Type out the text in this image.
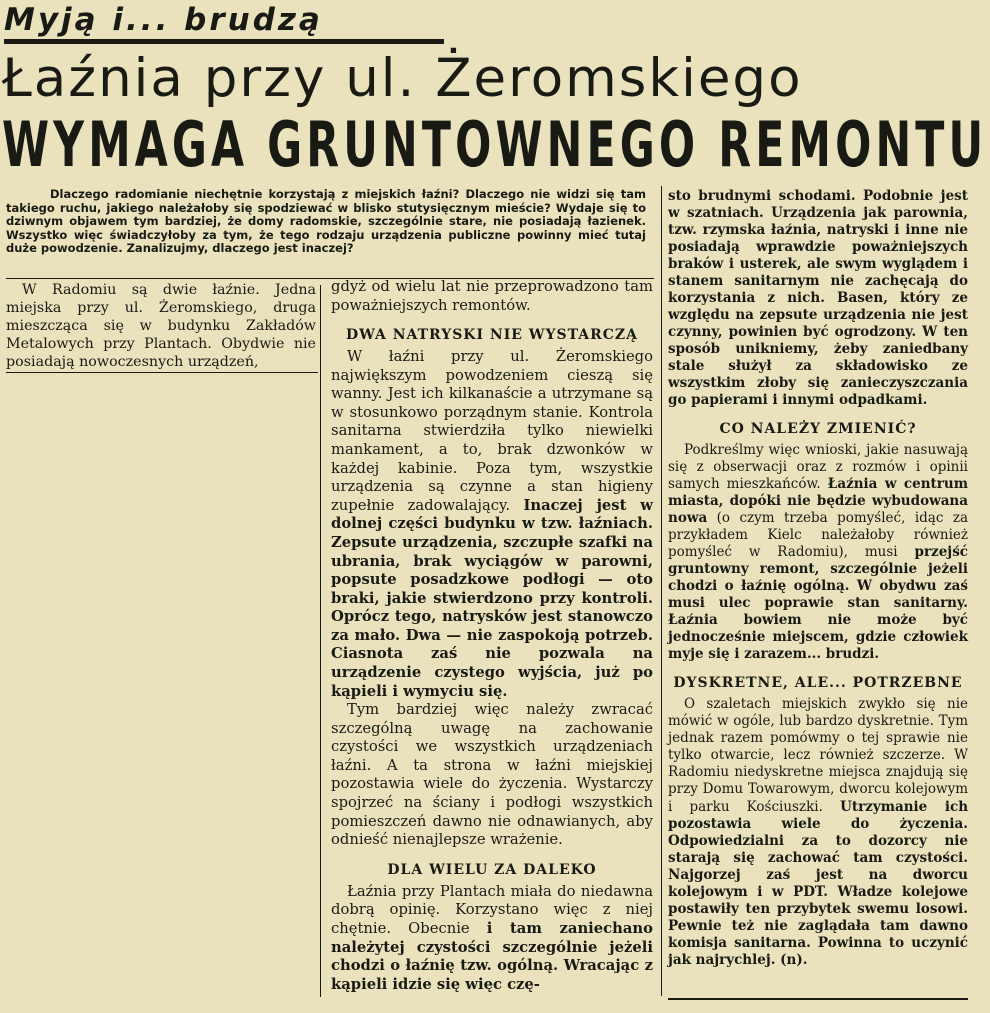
Myją i... brudzą
Łaźnia przy ul. Żeromskiego
WYMAGA GRUNTOWNEGO REMONTU
Dlaczego radomianie niechętnie korzystają z miejskich łaźni? Dlaczego nie widzi się tam takiego ruchu, jakiego należałoby się spodziewać w blisko stutysięcznym mieście? Wydaje się to dziwnym objawem tym bardziej, że domy radomskie, szczególnie stare, nie posiadają łazienek. Wszystko więc świadczyłoby za tym, że tego rodzaju urządzenia publiczne powinny mieć tutaj duże powodzenie. Zanalizujmy, dlaczego jest inaczej?

W Radomiu są dwie łaźnie. Jedna miejska przy ul. Żeromskiego, druga mieszcząca się w budynku Zakładów Metalowych przy Plantach. Obydwie nie posiadają nowoczesnych urządzeń,

gdyż od wielu lat nie przeprowadzono tam poważniejszych remontów.

DWA NATRYSKI NIE WYSTARCZĄ

W łaźni przy ul. Żeromskiego największym powodzeniem cieszą się wanny. Jest ich kilkanaście a utrzymane są w stosunkowo porządnym stanie. Kontrola sanitarna stwierdziła tylko niewielki mankament, a to, brak dzwonków w każdej kabinie. Poza tym, wszystkie urządzenia są czynne a stan higieny zupełnie zadowalający. Inaczej jest w dolnej części budynku w tzw. łaźniach. Zepsute urządzenia, szczupłe szafki na ubrania, brak wyciągów w parowni, popsute posadzkowe podłogi — oto braki, jakie stwierdzono przy kontroli. Oprócz tego, natrysków jest stanowczo za mało. Dwa — nie zaspokoją potrzeb. Ciasnota zaś nie pozwala na urządzenie czystego wyjścia, już po kąpieli i wymyciu się.

Tym bardziej więc należy zwracać szczególną uwagę na zachowanie czystości we wszystkich urządzeniach łaźni. A ta strona w łaźni miejskiej pozostawia wiele do życzenia. Wystarczy spojrzeć na ściany i podłogi wszystkich pomieszczeń dawno nie odnawianych, aby odnieść nienajlepsze wrażenie.

DLA WIELU ZA DALEKO

Łaźnia przy Plantach miała do niedawna dobrą opinię. Korzystano więc z niej chętnie. Obecnie i tam zaniechano należytej czystości szczególnie jeżeli chodzi o łaźnię tzw. ogólną. Wracając z kąpieli idzie się więc czę-

sto brudnymi schodami. Podobnie jest w szatniach. Urządzenia jak parownia, tzw. rzymska łaźnia, natryski i inne nie posiadają wprawdzie poważniejszych braków i usterek, ale swym wyglądem i stanem sanitarnym nie zachęcają do korzystania z nich. Basen, który ze względu na zepsute urządzenia nie jest czynny, powinien być ogrodzony. W ten sposób unikniemy, żeby zaniedbany stale służył za składowisko ze wszystkim złoby się zanieczyszczania go papierami i innymi odpadkami.

CO NALEŻY ZMIENIĆ?

Podkreślmy więc wnioski, jakie nasuwają się z obserwacji oraz z rozmów i opinii samych mieszkańców. Łaźnia w centrum miasta, dopóki nie będzie wybudowana nowa (o czym trzeba pomyśleć, idąc za przykładem Kielc należałoby również pomyśleć w Radomiu), musi przejść gruntowny remont, szczególnie jeżeli chodzi o łaźnię ogólną. W obydwu zaś musi ulec poprawie stan sanitarny. Łaźnia bowiem nie może być jednocześnie miejscem, gdzie człowiek myje się i zarazem... brudzi.

DYSKRETNE, ALE... POTRZEBNE

O szaletach miejskich zwykło się nie mówić w ogóle, lub bardzo dyskretnie. Tym jednak razem pomówmy o tej sprawie nie tylko otwarcie, lecz również szczerze. W Radomiu niedyskretne miejsca znajdują się przy Domu Towarowym, dworcu kolejowym i parku Kościuszki. Utrzymanie ich pozostawia wiele do życzenia. Odpowiedzialni za to dozorcy nie starają się zachować tam czystości. Najgorzej zaś jest na dworcu kolejowym i w PDT. Władze kolejowe postawiły ten przybytek swemu losowi. Pewnie też nie zaglądała tam dawno komisja sanitarna. Powinna to uczynić jak najrychlej. (n).
